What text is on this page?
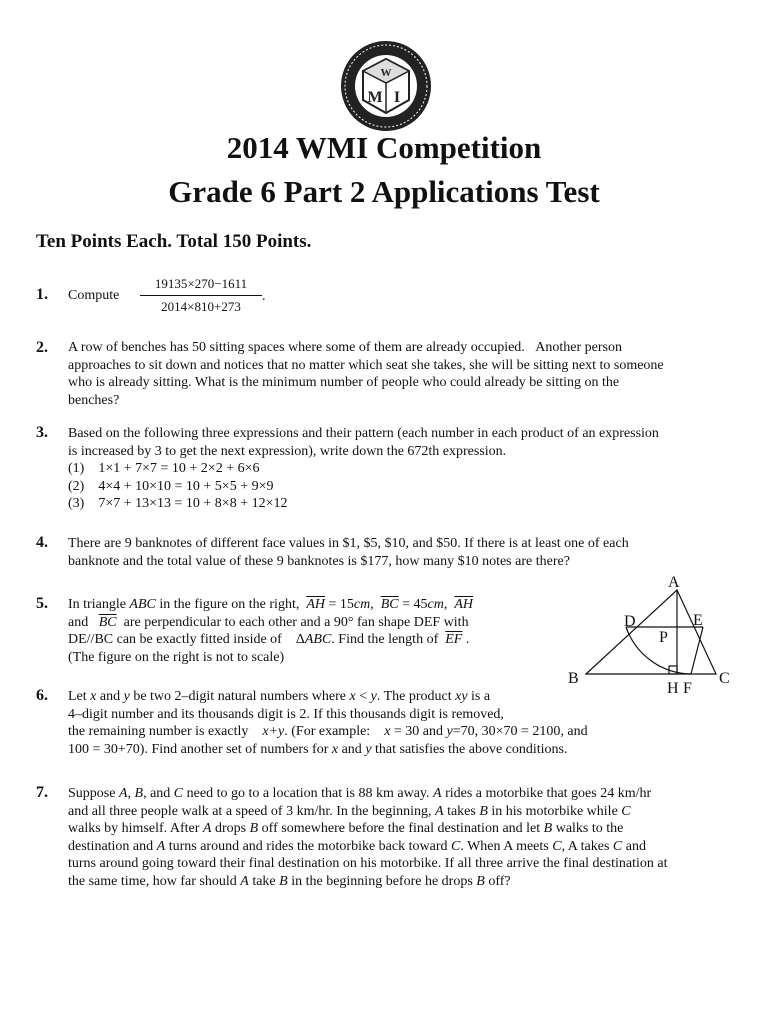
W
M I
2014 WMI Competition
Grade 6 Part 2 Applications Test
Ten Points Each. Total 150 Points.
1. Compute $\frac{19135\times 270-1611}{2014\times 810+273}$ .
2. A row of benches has 50 sitting spaces where some of them are already occupied.   Another person

approaches to sit down and notices that no matter which seat she takes, she will be sitting next to someone

who is already sitting. What is the minimum number of people who could already be sitting on the

benches?

3. Based on the following three expressions and their pattern (each number in each product of an expression

is increased by 3 to get the next expression), write down the 672th expression.

(1)    1×1 + 7×7 = 10 + 2×2 + 6×6

(2)    4×4 + 10×10 = 10 + 5×5 + 9×9

(3)    7×7 + 13×13 = 10 + 8×8 + 12×12

4. There are 9 banknotes of different face values in $1, $5, $10, and $50. If there is at least one of each

banknote and the total value of these 9 banknotes is $177, how many $10 notes are there?

5. In triangle ABC in the figure on the right,  $\overline{AH} = 15cm$,  $\overline{BC} = 45cm$,  $\overline{AH}$

and   $\overline{BC}$  are perpendicular to each other and a 90° fan shape DEF with

DE//BC can be exactly fitted inside of    ΔABC. Find the length of  $\overline{EF}$ .

(The figure on the right is not to scale)

6. Let x and y be two 2–digit natural numbers where x < y. The product xy is a

4–digit number and its thousands digit is 2. If this thousands digit is removed,

the remaining number is exactly    x+y. (For example:    x = 30 and y=70, 30×70 = 2100, and

100 = 30+70). Find another set of numbers for x and y that satisfies the above conditions.

7. Suppose A, B, and C need to go to a location that is 88 km away. A rides a motorbike that goes 24 km/hr

and all three people walk at a speed of 3 km/hr. In the beginning, A takes B in his motorbike while C

walks by himself. After A drops B off somewhere before the final destination and let B walks to the

destination and A turns around and rides the motorbike back toward C. When A meets C, A takes C and

turns around going toward their final destination on his motorbike. If all three arrive the final destination at

the same time, how far should A take B in the beginning before he drops B off?

A
B	C
D	E
P
H F
